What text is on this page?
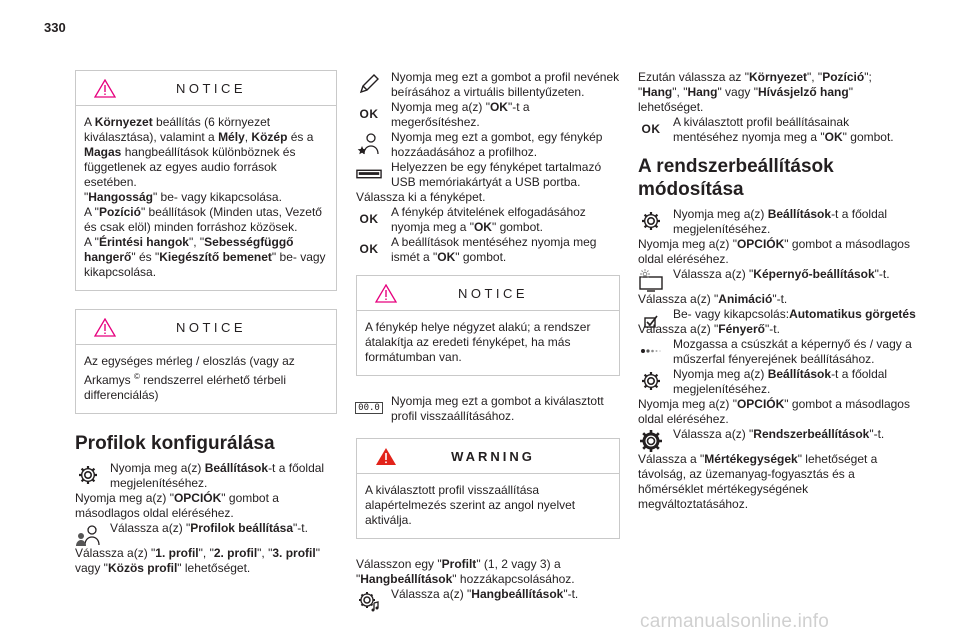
330
NOTICE

A Környezet beállítás (6 környezet kiválasztása), valamint a Mély, Közép és a Magas hangbeállítások különböznek és függetlenek az egyes audio források esetében.

"Hangosság" be- vagy kikapcsolása.

A "Pozíció" beállítások (Minden utas, Vezető és csak elöl) minden forráshoz közösek.

A "Érintési hangok", "Sebességfüggő hangerő" és "Kiegészítő bemenet" be- vagy kikapcsolása.

NOTICE

Az egységes mérleg / eloszlás (vagy az Arkamys © rendszerrel elérhető térbeli differenciálás)

Profilok konfigurálása
Nyomja meg a(z) Beállítások-t a főoldal megjelenítéséhez.

Nyomja meg a(z) "OPCIÓK" gombot a másodlagos oldal eléréséhez.

Válassza a(z) "Profilok beállítása"-t.

Válassza a(z) "1. profil", "2. profil", "3. profil" vagy "Közös profil" lehetőséget.

Nyomja meg ezt a gombot a profil nevének beírásához a virtuális billentyűzeten.
OK Nyomja meg a(z) "OK"-t a megerősítéshez.
Nyomja meg ezt a gombot, egy fénykép hozzáadásához a profilhoz.
Helyezzen be egy fényképet tartalmazó USB memóriakártyát a USB portba.

Válassza ki a fényképet.

OK A fénykép átvitelének elfogadásához nyomja meg a "OK" gombot.
OK A beállítások mentéséhez nyomja meg ismét a "OK" gombot.
NOTICE

A fénykép helye négyzet alakú; a rendszer átalakítja az eredeti fényképet, ha más formátumban van.

00.0 Nyomja meg ezt a gombot a kiválasztott profil visszaállításához.
WARNING

A kiválasztott profil visszaállítása alapértelmezés szerint az angol nyelvet aktiválja.

Válasszon egy "Profilt" (1, 2 vagy 3) a "Hangbeállítások" hozzákapcsolásához.

Válassza a(z) "Hangbeállítások"-t.

Ezután válassza az "Környezet", "Pozíció"; "Hang", "Hang" vagy "Hívásjelző hang" lehetőséget.

OK A kiválasztott profil beállításainak mentéséhez nyomja meg a "OK" gombot.
A rendszerbeállítások módosítása
Nyomja meg a(z) Beállítások-t a főoldal megjelenítéséhez.

Nyomja meg a(z) "OPCIÓK" gombot a másodlagos oldal eléréséhez.

Válassza a(z) "Képernyő-beállítások"-t.

Válassza a(z) "Animáció"-t.

Be- vagy kikapcsolás:Automatikus görgetés

Válassza a(z) "Fényerő"-t.

Mozgassa a csúszkát a képernyő és / vagy a műszerfal fényerejének beállításához.
Nyomja meg a(z) Beállítások-t a főoldal megjelenítéséhez.

Nyomja meg a(z) "OPCIÓK" gombot a másodlagos oldal eléréséhez.

Válassza a(z) "Rendszerbeállítások"-t.

Válassza a "Mértékegységek" lehetőséget a távolság, az üzemanyag-fogyasztás és a hőmérséklet mértékegységének megváltoztatásához.

carmanualsonline.info
